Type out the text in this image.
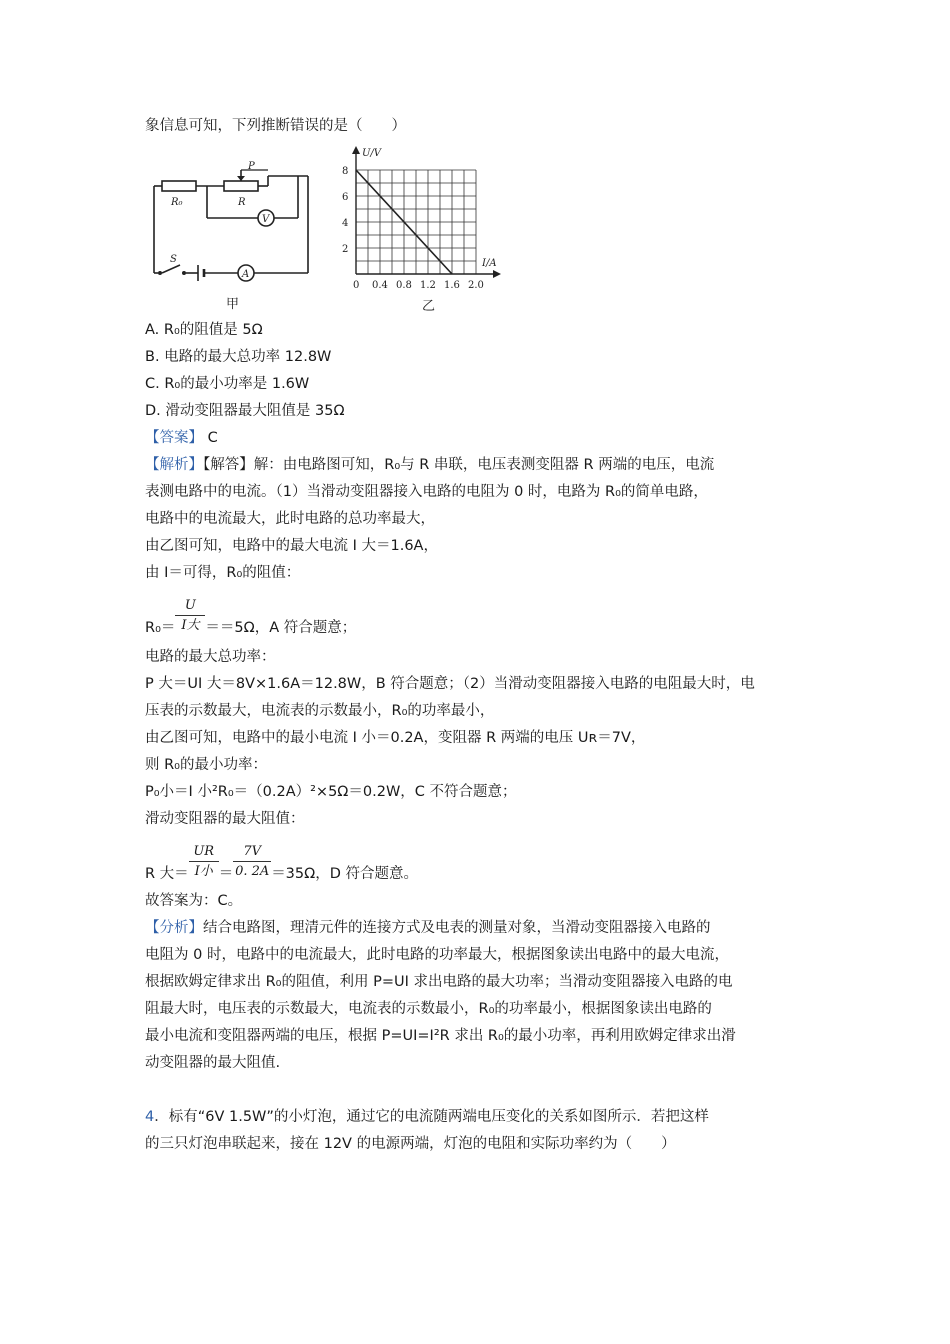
象信息可知，下列推断错误的是（　　）
R₀
P
R
V
A
S
甲
2
4
6
8
0 0.4 0.8 1.2 1.6 2.0
U/V
I/A
乙
A. R₀的阻值是 5Ω
B. 电路的最大总功率 12.8W
C. R₀的最小功率是 1.6W
D. 滑动变阻器最大阻值是 35Ω
【答案】 C
【解析】【解答】解：由电路图可知，R₀与 R 串联，电压表测变阻器 R 两端的电压，电流
表测电路中的电流。（1）当滑动变阻器接入电路的电阻为 0 时，电路为 R₀的简单电路，
电路中的电流最大，此时电路的总功率最大，
由乙图可知，电路中的最大电流 I 大＝1.6A，
由 I＝可得，R₀的阻值：
$R_0= \frac{U}{\text{I大}} ==5\Omega$，A 符合题意；
电路的最大总功率：
P 大＝UI 大＝8V×1.6A＝12.8W，B 符合题意；（2）当滑动变阻器接入电路的电阻最大时，电
压表的示数最大，电流表的示数最小，R₀的功率最小，
由乙图可知，电路中的最小电流 I 小＝0.2A，变阻器 R 两端的电压 Uʀ＝7V，
则 R₀的最小功率：
P₀小＝I 小²R₀＝（0.2A）²×5Ω＝0.2W，C 不符合题意；
滑动变阻器的最大阻值：
R 大＝ $\frac{UR}{\text{I小}} = \frac{7V}{0. 2A} =35\Omega$，D 符合题意。
故答案为：C。
【分析】结合电路图，理清元件的连接方式及电表的测量对象，当滑动变阻器接入电路的
电阻为 0 时，电路中的电流最大，此时电路的功率最大，根据图象读出电路中的最大电流，
根据欧姆定律求出 R₀的阻值，利用 P=UI 求出电路的最大功率；当滑动变阻器接入电路的电
阻最大时，电压表的示数最大，电流表的示数最小，R₀的功率最小，根据图象读出电路的
最小电流和变阻器两端的电压，根据 P=UI=I²R 求出 R₀的最小功率，再利用欧姆定律求出滑
动变阻器的最大阻值.
4．标有“6V 1.5W”的小灯泡，通过它的电流随两端电压变化的关系如图所示．若把这样
的三只灯泡串联起来，接在 12V 的电源两端，灯泡的电阻和实际功率约为（　　）
